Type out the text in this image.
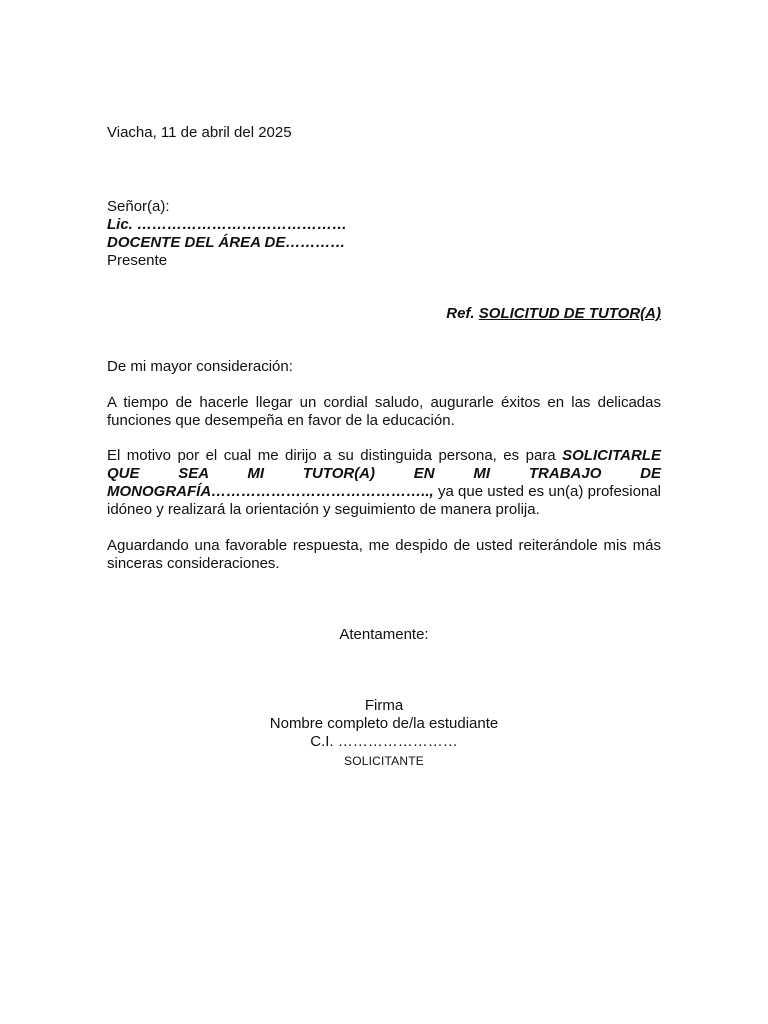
Viacha, 11 de abril del 2025
Señor(a):
Lic. ……………………………………
DOCENTE DEL ÁREA DE…………
Presente
Ref. SOLICITUD DE TUTOR(A)
De mi mayor consideración:
A tiempo de hacerle llegar un cordial saludo, augurarle éxitos en las delicadas funciones que desempeña en favor de la educación.
El motivo por el cual me dirijo a su distinguida persona, es para SOLICITARLE QUE SEA MI TUTOR(A) EN MI TRABAJO DE MONOGRAFÍA…………………………………….., ya que usted es un(a) profesional idóneo y realizará la orientación y seguimiento de manera prolija.
Aguardando una favorable respuesta, me despido de usted reiterándole mis más sinceras consideraciones.
Atentamente:
Firma
Nombre completo de/la estudiante
C.I. ……………………
SOLICITANTE
